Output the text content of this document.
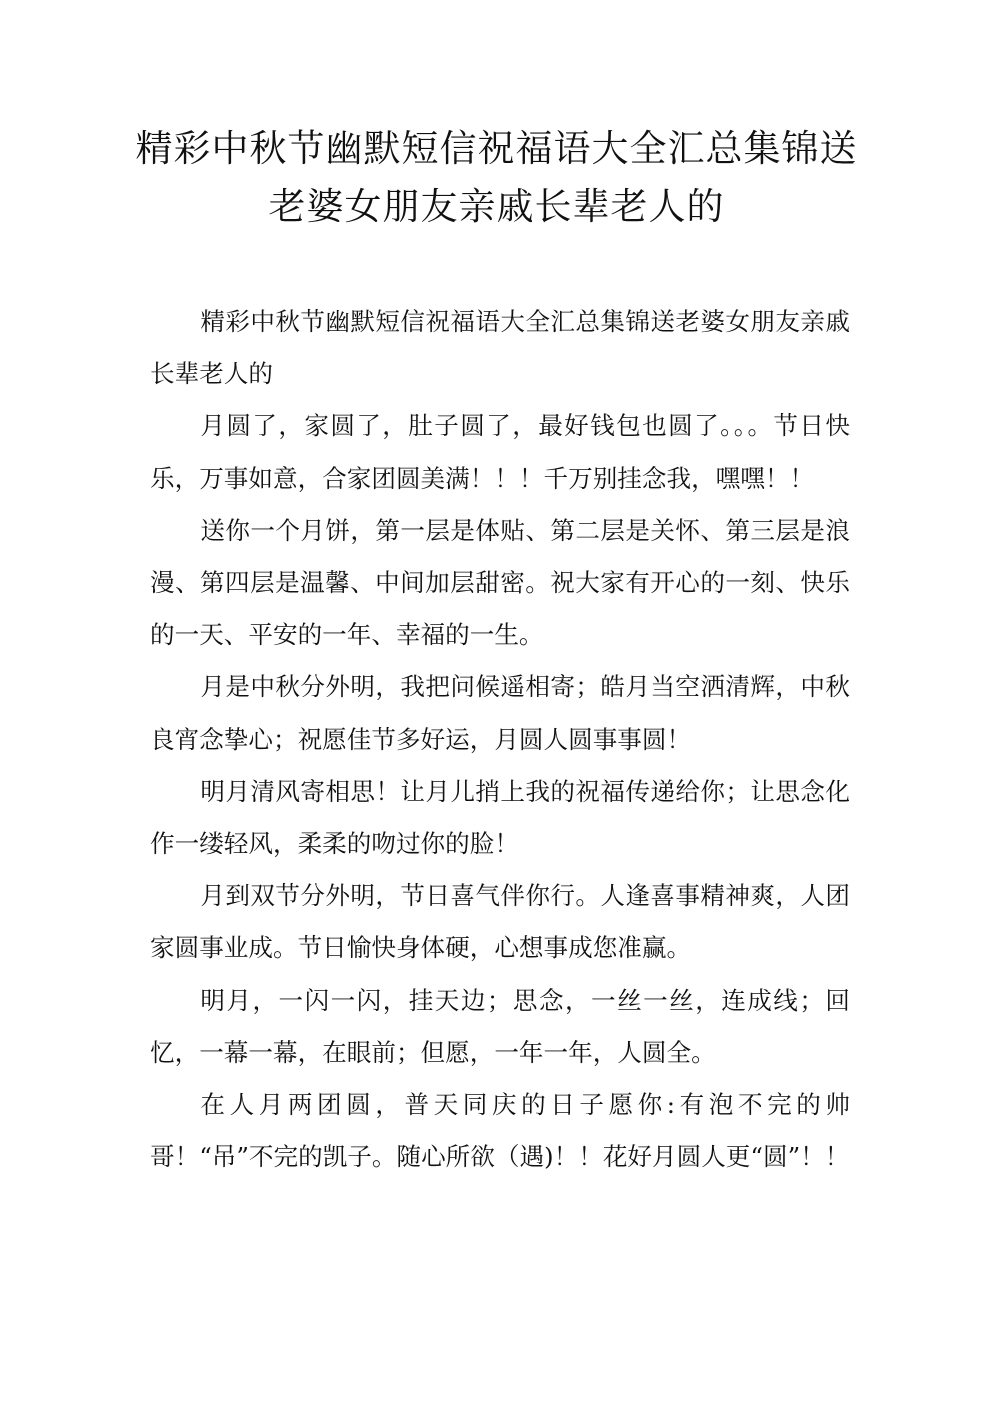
精彩中秋节幽默短信祝福语大全汇总集锦送老婆女朋友亲戚长辈老人的

精彩中秋节幽默短信祝福语大全汇总集锦送老婆女朋友亲戚长辈老人的

月圆了，家圆了，肚子圆了，最好钱包也圆了。。。节日快乐，万事如意，合家团圆美满！！！千万别挂念我，嘿嘿！！

送你一个月饼，第一层是体贴、第二层是关怀、第三层是浪漫、第四层是温馨、中间加层甜密。祝大家有开心的一刻、快乐的一天、平安的一年、幸福的一生。

月是中秋分外明，我把问候遥相寄；皓月当空洒清辉，中秋良宵念挚心；祝愿佳节多好运，月圆人圆事事圆！

明月清风寄相思！让月儿捎上我的祝福传递给你；让思念化作一缕轻风，柔柔的吻过你的脸！

月到双节分外明，节日喜气伴你行。人逢喜事精神爽，人团家圆事业成。节日愉快身体硬，心想事成您准赢。

明月，一闪一闪，挂天边；思念，一丝一丝，连成线；回忆，一幕一幕，在眼前；但愿，一年一年，人圆全。

在人月两团圆，普天同庆的日子愿你:有泡不完的帅哥！“吊”不完的凯子。随心所欲（遇)！！花好月圆人更“圆”！！
